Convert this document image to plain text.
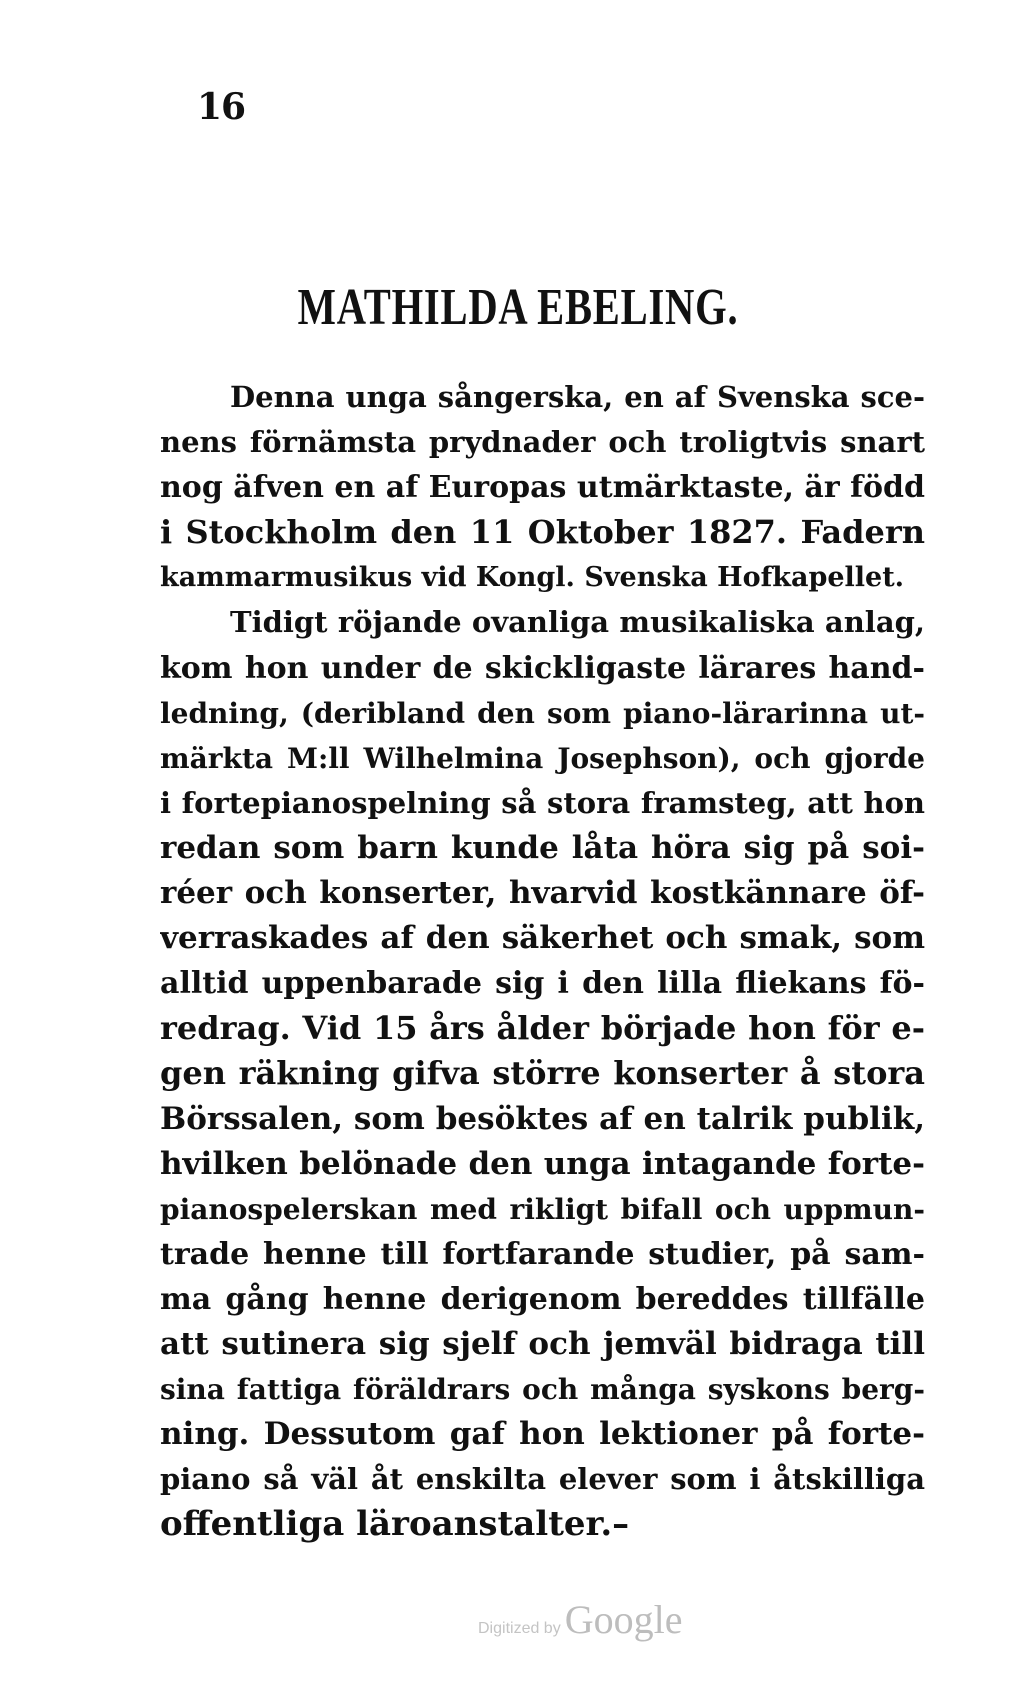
16
MATHILDA EBELING.
Denna unga sångerska, en af Svenska sce-
nens förnämsta prydnader och troligtvis snart
nog äfven en af Europas utmärktaste, är född
i Stockholm den 11 Oktober 1827. Fadern
kammarmusikus vid Kongl. Svenska Hofkapellet.
Tidigt röjande ovanliga musikaliska anlag,
kom hon under de skickligaste lärares hand-
ledning, (deribland den som piano-lärarinna ut-
märkta M:ll Wilhelmina Josephson), och gjorde
i fortepianospelning så stora framsteg, att hon
redan som barn kunde låta höra sig på soi-
réer och konserter, hvarvid kostkännare öf-
verraskades af den säkerhet och smak, som
alltid uppenbarade sig i den lilla fliekans fö-
redrag. Vid 15 års ålder började hon för e-
gen räkning gifva större konserter å stora
Börssalen, som besöktes af en talrik publik,
hvilken belönade den unga intagande forte-
pianospelerskan med rikligt bifall och uppmun-
trade henne till fortfarande studier, på sam-
ma gång henne derigenom bereddes tillfälle
att sutinera sig sjelf och jemväl bidraga till
sina fattiga föräldrars och många syskons berg-
ning. Dessutom gaf hon lektioner på forte-
piano så väl åt enskilta elever som i åtskilliga
offentliga läroanstalter.–
Digitized by Google
